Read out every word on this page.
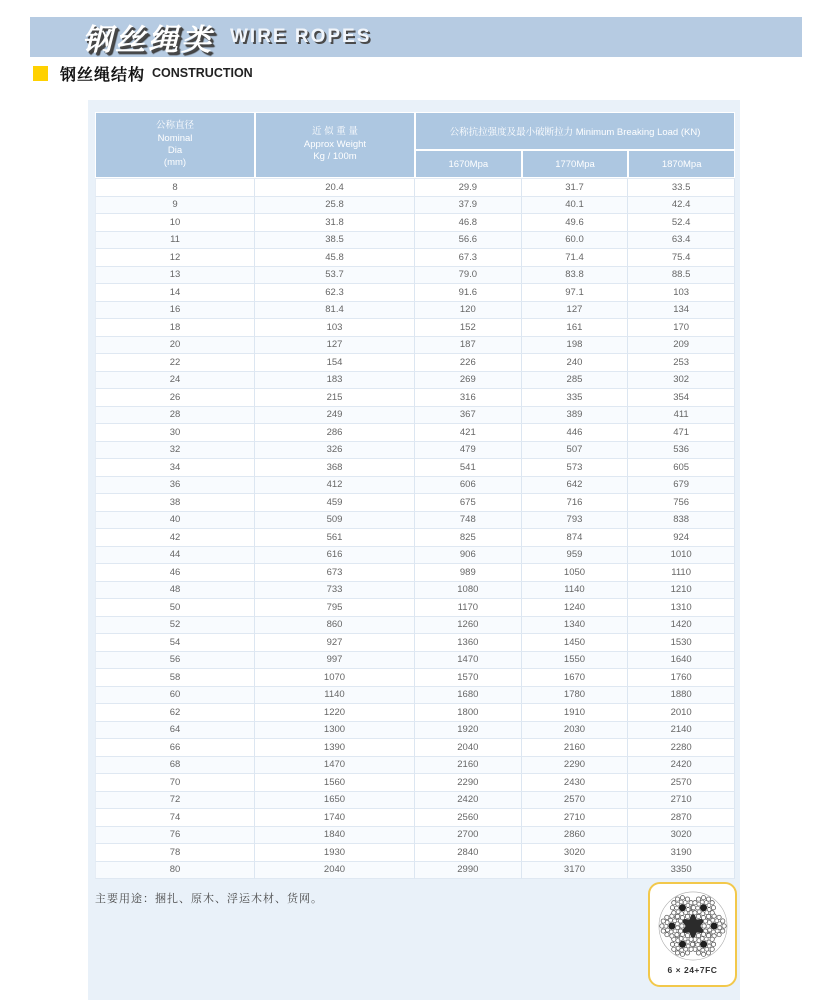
钢丝绳类 WIRE ROPES
钢丝绳结构 CONSTRUCTION
公称直径
Nominal
Dia
(mm)
近 似 重 量
Approx Weight
Kg / 100m
公称抗拉强度及最小破断拉力 Minimum Breaking Load (KN)
1670Mpa	1770Mpa	1870Mpa
8	20.4	29.9	31.7	33.5
9	25.8	37.9	40.1	42.4
10	31.8	46.8	49.6	52.4
11	38.5	56.6	60.0	63.4
12	45.8	67.3	71.4	75.4
13	53.7	79.0	83.8	88.5
14	62.3	91.6	97.1	103
16	81.4	120	127	134
18	103	152	161	170
20	127	187	198	209
22	154	226	240	253
24	183	269	285	302
26	215	316	335	354
28	249	367	389	411
30	286	421	446	471
32	326	479	507	536
34	368	541	573	605
36	412	606	642	679
38	459	675	716	756
40	509	748	793	838
42	561	825	874	924
44	616	906	959	1010
46	673	989	1050	1110
48	733	1080	1140	1210
50	795	1170	1240	1310
52	860	1260	1340	1420
54	927	1360	1450	1530
56	997	1470	1550	1640
58	1070	1570	1670	1760
60	1140	1680	1780	1880
62	1220	1800	1910	2010
64	1300	1920	2030	2140
66	1390	2040	2160	2280
68	1470	2160	2290	2420
70	1560	2290	2430	2570
72	1650	2420	2570	2710
74	1740	2560	2710	2870
76	1840	2700	2860	3020
78	1930	2840	3020	3190
80	2040	2990	3170	3350
主要用途：捆扎、原木、浮运木材、货网。
6 × 24+7FC
